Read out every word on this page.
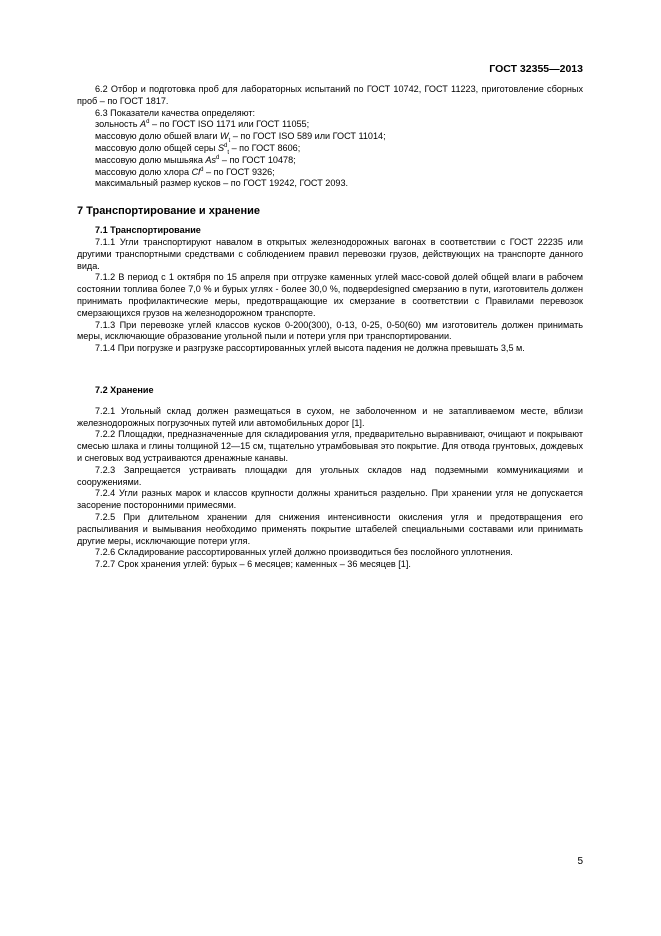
ГОСТ 32355—2013

6.2 Отбор и подготовка проб для лабораторных испытаний по ГОСТ 10742, ГОСТ 11223, приготовление сборных проб – по ГОСТ 1817.

6.3 Показатели качества определяют:

зольность $A^d$ – по ГОСТ ISO 1171 или ГОСТ 11055;

массовую долю обшей влаги $W_t$ – по ГОСТ ISO 589 или ГОСТ 11014;

массовую долю общей серы $S^d_t$ – по ГОСТ 8606;

массовую долю мышьяка As$^d$ – по ГОСТ 10478;

массовую долю хлора Cl$^d$ – по ГОСТ 9326;

максимальный размер кусков – по ГОСТ 19242, ГОСТ 2093.

7 Транспортирование и хранение

7.1 Транспортирование

7.1.1 Угли транспортируют навалом в открытых железнодорожных вагонах в соответствии с ГОСТ 22235 или другими транспортными средствами с соблюдением правил перевозки грузов, действующих на транспорте данного вида.

7.1.2 В период с 1 октября по 15 апреля при отгрузке каменных углей масс-совой долей общей влаги в рабочем состоянии топлива более 7,0 % и бурых углях - более 30,0 %, подверdesigned смерзанию в пути, изготовитель должен принимать профилактические меры, предотвращающие их смерзание в соответствии с Правилами перевозок смерзающихся грузов на железнодорожном транспорте.

7.1.3 При перевозке углей классов кусков 0-200(300), 0-13, 0-25, 0-50(60) мм изготовитель должен принимать меры, исключающие образование угольной пыли и потери угля при транспортировании.

7.1.4 При погрузке и разгрузке рассортированных углей высота падения не должна превышать 3,5 м.

7.2 Хранение

7.2.1 Угольный склад должен размещаться в сухом, не заболоченном и не затапливаемом месте, вблизи железнодорожных погрузочных путей или автомобильных дорог [1].

7.2.2 Площадки, предназначенные для складирования угля, предварительно выравнивают, очищают и покрывают смесью шлака и глины толщиной 12—15 см, тщательно утрамбовывая это покрытие. Для отвода грунтовых, дождевых и снеговых вод устраиваются дренажные канавы.

7.2.3 Запрещается устраивать площадки для угольных складов над подземными коммуникациями и сооружениями.

7.2.4 Угли разных марок и классов крупности должны храниться раздельно. При хранении угля не допускается засорение посторонними примесями.

7.2.5 При длительном хранении для снижения интенсивности окисления угля и предотвращения его распыливания и вымывания необходимо применять покрытие штабелей специальными составами или принимать другие меры, исключающие потери угля.

7.2.6 Складирование рассортированных углей должно производиться без послойного уплотнения.

7.2.7 Срок хранения углей: бурых – 6 месяцев; каменных – 36 месяцев [1].

5
